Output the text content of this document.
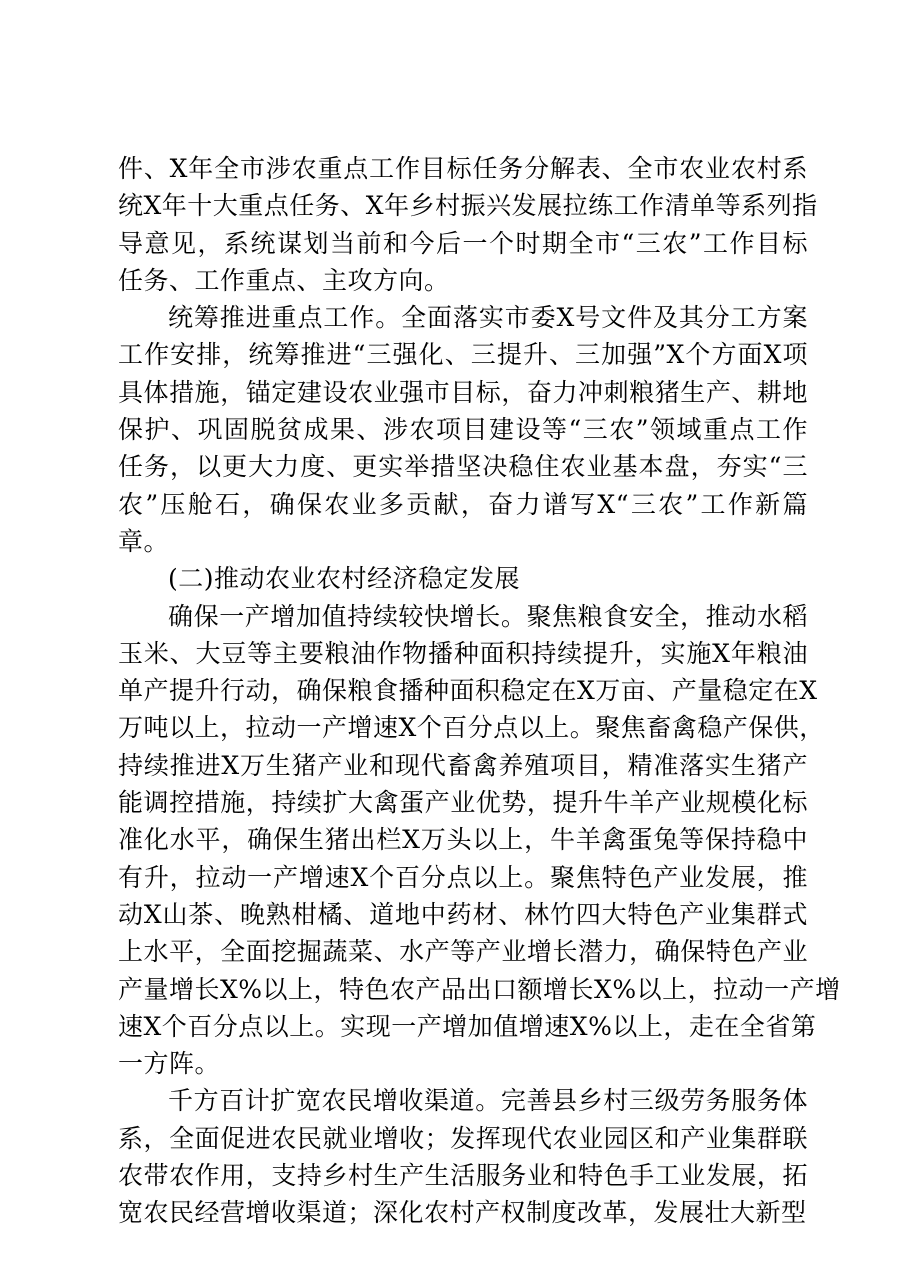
件、X年全市涉农重点工作目标任务分解表、全市农业农村系
统X年十大重点任务、X年乡村振兴发展拉练工作清单等系列指
导意见，系统谋划当前和今后一个时期全市“三农”工作目标
任务、工作重点、主攻方向。
统筹推进重点工作。全面落实市委X号文件及其分工方案
工作安排，统筹推进“三强化、三提升、三加强”X个方面X项
具体措施，锚定建设农业强市目标，奋力冲刺粮猪生产、耕地
保护、巩固脱贫成果、涉农项目建设等“三农”领域重点工作
任务，以更大力度、更实举措坚决稳住农业基本盘，夯实“三
农”压舱石，确保农业多贡献，奋力谱写X“三农”工作新篇
章。
(二)推动农业农村经济稳定发展
确保一产增加值持续较快增长。聚焦粮食安全，推动水稻
玉米、大豆等主要粮油作物播种面积持续提升，实施X年粮油
单产提升行动，确保粮食播种面积稳定在X万亩、产量稳定在X
万吨以上，拉动一产增速X个百分点以上。聚焦畜禽稳产保供，
持续推进X万生猪产业和现代畜禽养殖项目，精准落实生猪产
能调控措施，持续扩大禽蛋产业优势，提升牛羊产业规模化标
准化水平，确保生猪出栏X万头以上，牛羊禽蛋兔等保持稳中
有升，拉动一产增速X个百分点以上。聚焦特色产业发展，推
动X山茶、晚熟柑橘、道地中药材、林竹四大特色产业集群式
上水平，全面挖掘蔬菜、水产等产业增长潜力，确保特色产业
产量增长X%以上，特色农产品出口额增长X%以上，拉动一产增
速X个百分点以上。实现一产增加值增速X%以上，走在全省第
一方阵。
千方百计扩宽农民增收渠道。完善县乡村三级劳务服务体
系，全面促进农民就业增收；发挥现代农业园区和产业集群联
农带农作用，支持乡村生产生活服务业和特色手工业发展，拓
宽农民经营增收渠道；深化农村产权制度改革，发展壮大新型
